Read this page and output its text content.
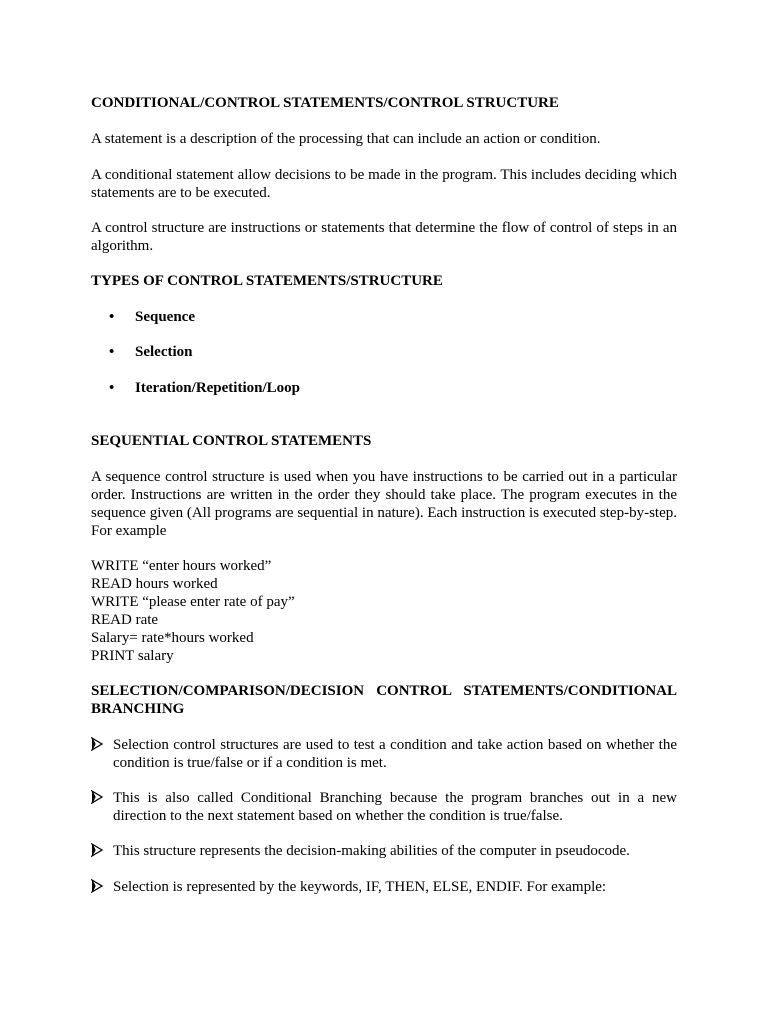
CONDITIONAL/CONTROL STATEMENTS/CONTROL STRUCTURE

A statement is a description of the processing that can include an action or condition.

A conditional statement allow decisions to be made in the program. This includes deciding which statements are to be executed.

A control structure are instructions or statements that determine the flow of control of steps in an algorithm.

TYPES OF CONTROL STATEMENTS/STRUCTURE

• Sequence
• Selection
• Iteration/Repetition/Loop

SEQUENTIAL CONTROL STATEMENTS

A sequence control structure is used when you have instructions to be carried out in a particular order. Instructions are written in the order they should take place. The program executes in the sequence given (All programs are sequential in nature). Each instruction is executed step-by-step. For example

WRITE “enter hours worked”

READ hours worked

WRITE “please enter rate of pay”

READ rate

Salary= rate*hours worked

PRINT salary

SELECTION/COMPARISON/DECISION CONTROL STATEMENTS/CONDITIONAL BRANCHING

Selection control structures are used to test a condition and take action based on whether the condition is true/false or if a condition is met.
This is also called Conditional Branching because the program branches out in a new direction to the next statement based on whether the condition is true/false.
This structure represents the decision-making abilities of the computer in pseudocode.
Selection is represented by the keywords, IF, THEN, ELSE, ENDIF. For example:
